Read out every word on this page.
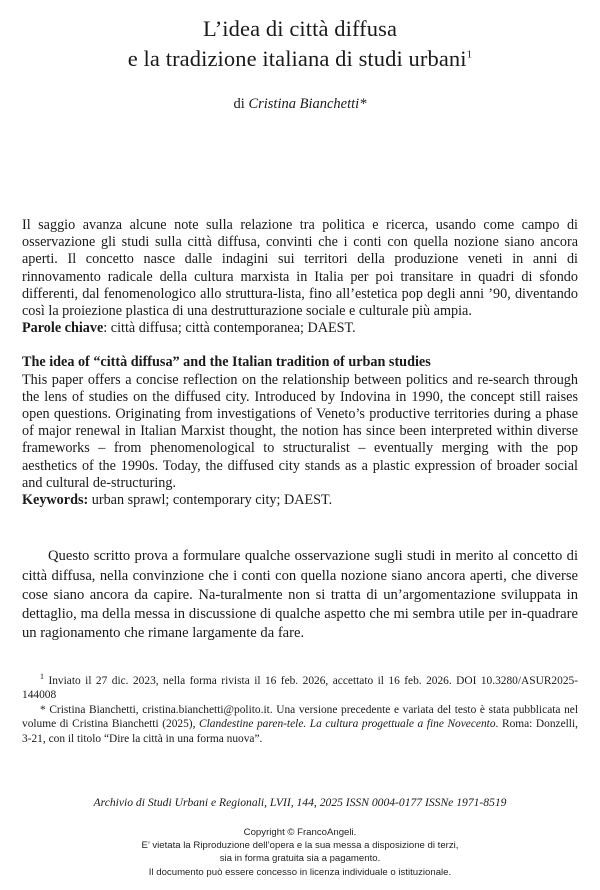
L’idea di città diffusa
e la tradizione italiana di studi urbani$^1$
di Cristina Bianchetti*
Il saggio avanza alcune note sulla relazione tra politica e ricerca, usando come campo di osservazione gli studi sulla città diffusa, convinti che i conti con quella nozione siano ancora aperti. Il concetto nasce dalle indagini sui territori della produzione veneti in anni di rinnovamento radicale della cultura marxista in Italia per poi transitare in quadri di sfondo differenti, dal fenomenologico allo struttura-lista, fino all’estetica pop degli anni ’90, diventando così la proiezione plastica di una destrutturazione sociale e culturale più ampia.
Parole chiave: città diffusa; città contemporanea; DAEST.
The idea of “città diffusa” and the Italian tradition of urban studies
This paper offers a concise reflection on the relationship between politics and re-search through the lens of studies on the diffused city. Introduced by Indovina in 1990, the concept still raises open questions. Originating from investigations of Veneto’s productive territories during a phase of major renewal in Italian Marxist thought, the notion has since been interpreted within diverse frameworks – from phenomenological to structuralist – eventually merging with the pop aesthetics of the 1990s. Today, the diffused city stands as a plastic expression of broader social and cultural de-structuring.
Keywords: urban sprawl; contemporary city; DAEST.
Questo scritto prova a formulare qualche osservazione sugli studi in merito al concetto di città diffusa, nella convinzione che i conti con quella nozione siano ancora aperti, che diverse cose siano ancora da capire. Na-turalmente non si tratta di un’argomentazione sviluppata in dettaglio, ma della messa in discussione di qualche aspetto che mi sembra utile per in-quadrare un ragionamento che rimane largamente da fare.
$^1$ Inviato il 27 dic. 2023, nella forma rivista il 16 feb. 2026, accettato il 16 feb. 2026. DOI 10.3280/ASUR2025-144008
* Cristina Bianchetti, cristina.bianchetti@polito.it. Una versione precedente e variata del testo è stata pubblicata nel volume di Cristina Bianchetti (2025), Clandestine paren-tele. La cultura progettuale a fine Novecento. Roma: Donzelli, 3-21, con il titolo “Dire la città in una forma nuova”.
Archivio di Studi Urbani e Regionali, LVII, 144, 2025 ISSN 0004-0177 ISSNe 1971-8519
Copyright © FrancoAngeli.
E’ vietata la Riproduzione dell’opera e la sua messa a disposizione di terzi,
sia in forma gratuita sia a pagamento.
Il documento può essere concesso in licenza individuale o istituzionale.
